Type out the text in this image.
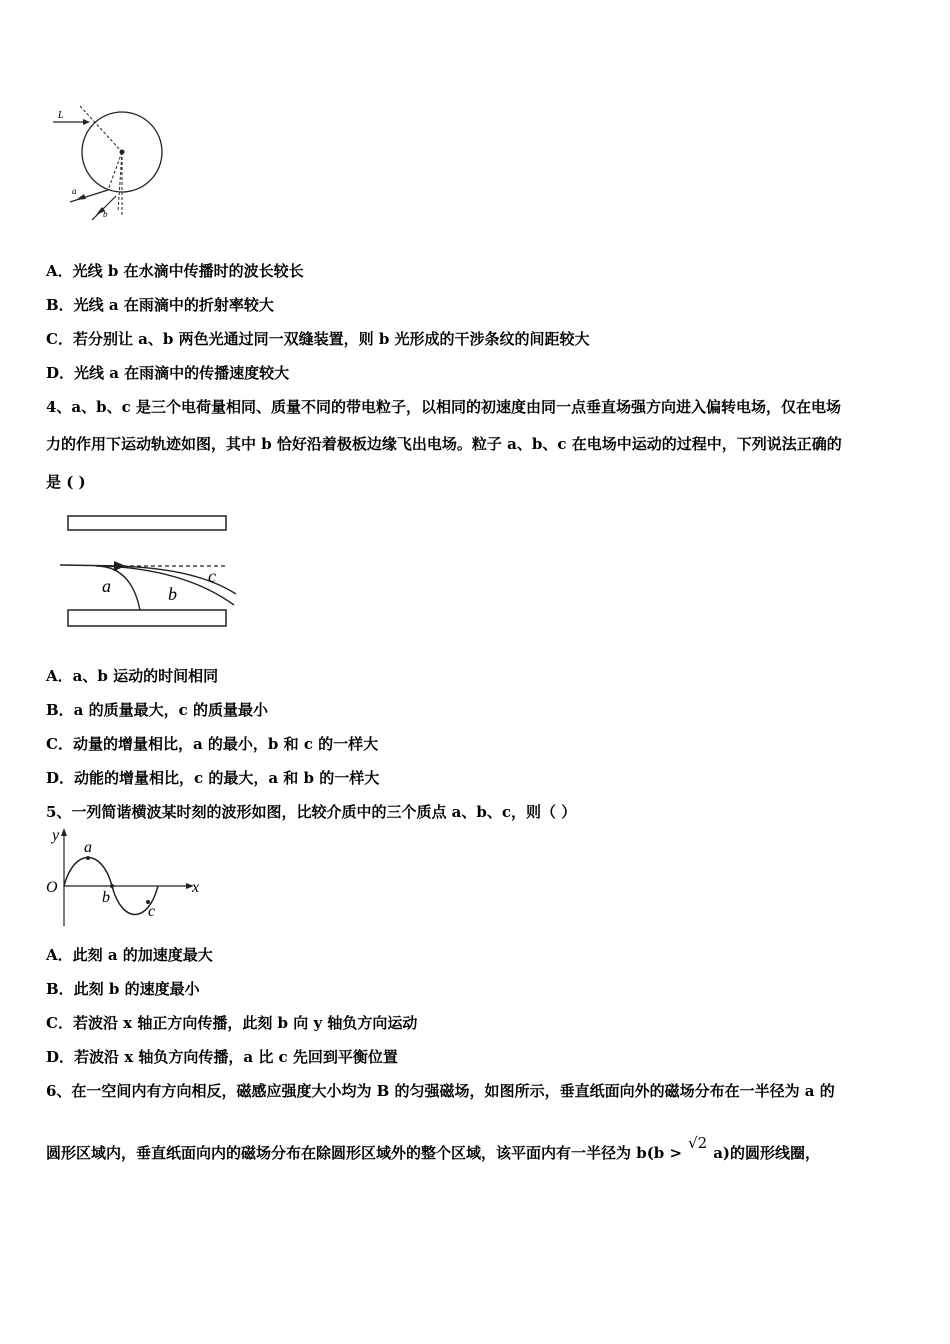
L
a
b
A．光线 b 在水滴中传播时的波长较长
B．光线 a 在雨滴中的折射率较大
C．若分别让 a、b 两色光通过同一双缝装置，则 b 光形成的干涉条纹的间距较大
D．光线 a 在雨滴中的传播速度较大
4、a、b、c 是三个电荷量相同、质量不同的带电粒子，以相同的初速度由同一点垂直场强方向进入偏转电场，仅在电场
力的作用下运动轨迹如图，其中 b 恰好沿着极板边缘飞出电场。粒子 a、b、c 在电场中运动的过程中，下列说法正确的
是 ( )
a	b
c
A．a、b 运动的时间相同
B．a 的质量最大，c 的质量最小
C．动量的增量相比，a 的最小，b 和 c 的一样大
D．动能的增量相比，c 的最大，a 和 b 的一样大
5、一列简谐横波某时刻的波形如图，比较介质中的三个质点 a、b、c，则（ ）
y
x
O
a
b
c
A．此刻 a 的加速度最大
B．此刻 b 的速度最小
C．若波沿 x 轴正方向传播，此刻 b 向 y 轴负方向运动
D．若波沿 x 轴负方向传播，a 比 c 先回到平衡位置
6、在一空间内有方向相反，磁感应强度大小均为 B 的匀强磁场，如图所示，垂直纸面向外的磁场分布在一半径为 a 的
圆形区域内，垂直纸面向内的磁场分布在除圆形区域外的整个区域，该平面内有一半径为 b(b >√2a)的圆形线圈，
